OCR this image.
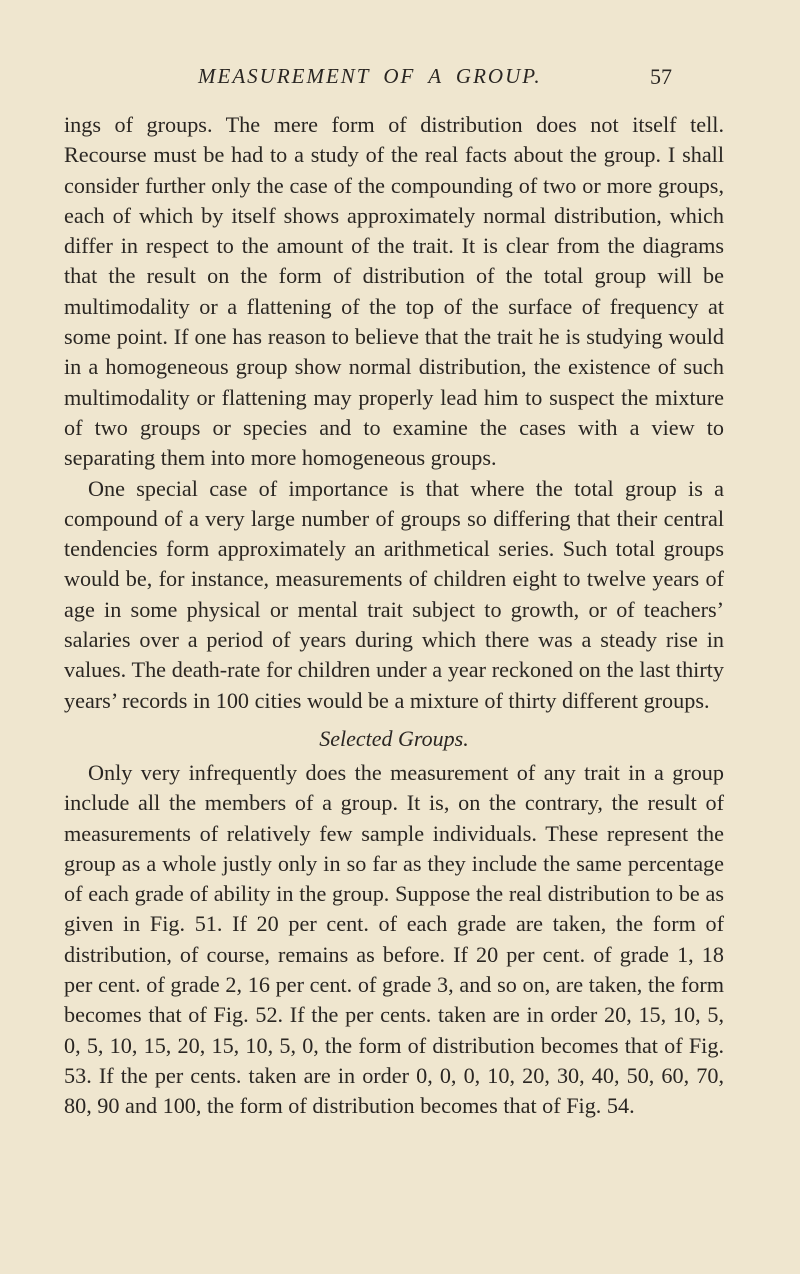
MEASUREMENT OF A GROUP.	57

ings of groups. The mere form of distribution does not itself tell. Recourse must be had to a study of the real facts about the group. I shall consider further only the case of the compounding of two or more groups, each of which by itself shows approximately normal distribution, which differ in respect to the amount of the trait. It is clear from the diagrams that the result on the form of distribution of the total group will be multimodality or a flattening of the top of the surface of frequency at some point. If one has reason to believe that the trait he is studying would in a homogeneous group show normal distribution, the existence of such multimodality or flattening may properly lead him to suspect the mixture of two groups or species and to examine the cases with a view to separating them into more homogeneous groups.

One special case of importance is that where the total group is a compound of a very large number of groups so differing that their central tendencies form approximately an arithmetical series. Such total groups would be, for instance, measurements of children eight to twelve years of age in some physical or mental trait subject to growth, or of teachers’ salaries over a period of years during which there was a steady rise in values. The death-rate for children under a year reckoned on the last thirty years’ records in 100 cities would be a mixture of thirty different groups.

Selected Groups.

Only very infrequently does the measurement of any trait in a group include all the members of a group. It is, on the contrary, the result of measurements of relatively few sample individuals. These represent the group as a whole justly only in so far as they include the same percentage of each grade of ability in the group. Suppose the real distribution to be as given in Fig. 51. If 20 per cent. of each grade are taken, the form of distribution, of course, remains as before. If 20 per cent. of grade 1, 18 per cent. of grade 2, 16 per cent. of grade 3, and so on, are taken, the form becomes that of Fig. 52. If the per cents. taken are in order 20, 15, 10, 5, 0, 5, 10, 15, 20, 15, 10, 5, 0, the form of distribution becomes that of Fig. 53. If the per cents. taken are in order 0, 0, 0, 10, 20, 30, 40, 50, 60, 70, 80, 90 and 100, the form of distribution becomes that of Fig. 54.
